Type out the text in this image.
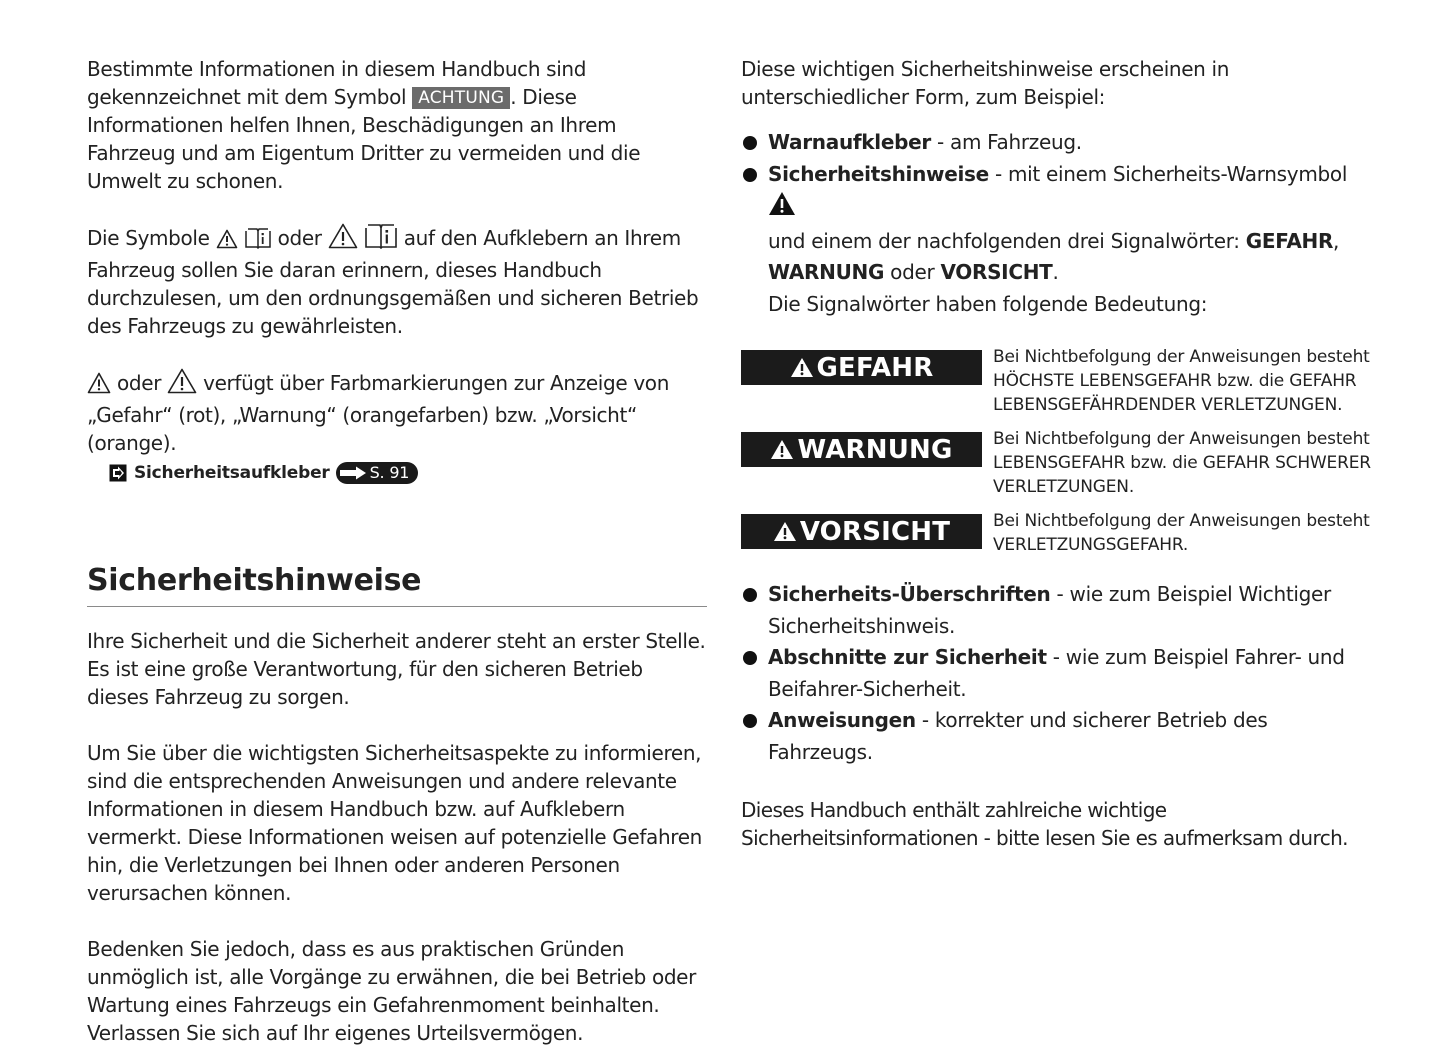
Bestimmte Informationen in diesem Handbuch sind gekennzeichnet mit dem Symbol ACHTUNG . Diese Informationen helfen Ihnen, Beschädigungen an Ihrem Fahrzeug und am Eigentum Dritter zu vermeiden und die Umwelt zu schonen.

Die Symbole	oder	auf den Aufklebern an Ihrem Fahrzeug sollen Sie daran erinnern, dieses Handbuch durchzulesen, um den ordnungsgemäßen und sicheren Betrieb des Fahrzeugs zu gewährleisten.

oder verfügt über Farbmarkierungen zur Anzeige von „Gefahr“ (rot), „Warnung“ (orangefarben) bzw. „Vorsicht“ (orange).

Sicherheitsaufkleber	S. 91
Sicherheitshinweise

Ihre Sicherheit und die Sicherheit anderer steht an erster Stelle. Es ist eine große Verantwortung, für den sicheren Betrieb dieses Fahrzeug zu sorgen.

Um Sie über die wichtigsten Sicherheitsaspekte zu informieren, sind die entsprechenden Anweisungen und andere relevante Informationen in diesem Handbuch bzw. auf Aufklebern vermerkt. Diese Informationen weisen auf potenzielle Gefahren hin, die Verletzungen bei Ihnen oder anderen Personen verursachen können.

Bedenken Sie jedoch, dass es aus praktischen Gründen unmöglich ist, alle Vorgänge zu erwähnen, die bei Betrieb oder Wartung eines Fahrzeugs ein Gefahrenmoment beinhalten. Verlassen Sie sich auf Ihr eigenes Urteilsvermögen.

Diese wichtigen Sicherheitshinweise erscheinen in unterschiedlicher Form, zum Beispiel:

Warnaufkleber - am Fahrzeug.
Sicherheitshinweise - mit einem Sicherheits-Warnsymbol
und einem der nachfolgenden drei Signalwörter: GEFAHR,
WARNUNG oder VORSICHT.
Die Signalwörter haben folgende Bedeutung:
GEFAHR	Bei Nichtbefolgung der Anweisungen besteht HÖCHSTE LEBENSGEFAHR bzw. die GEFAHR LEBENSGEFÄHRDENDER VERLETZUNGEN.
WARNUNG Bei Nichtbefolgung der Anweisungen besteht LEBENSGEFAHR bzw. die GEFAHR SCHWERER VERLETZUNGEN.
VORSICHT	Bei Nichtbefolgung der Anweisungen besteht VERLETZUNGSGEFAHR.
Sicherheits-Überschriften - wie zum Beispiel Wichtiger Sicherheitshinweis.
Abschnitte zur Sicherheit - wie zum Beispiel Fahrer- und Beifahrer-Sicherheit.
Anweisungen - korrekter und sicherer Betrieb des Fahrzeugs.

Dieses Handbuch enthält zahlreiche wichtige Sicherheitsinformationen - bitte lesen Sie es aufmerksam durch.
